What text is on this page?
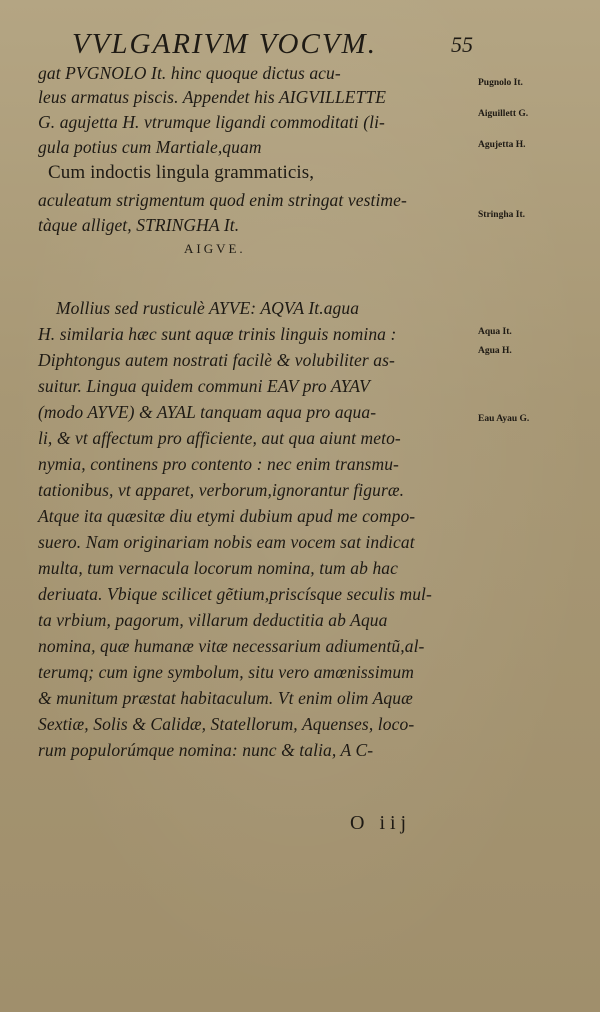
VVLGARIVM VOCVM.	55
gat PVGNOLO It. hinc quoque dictus acu-
leus armatus piscis. Appendet his AIGVILLETTE
G. agujetta H. vtrumque ligandi commoditati (li-
gula potius cum Martiale,quam
Cum indoctis lingula grammaticis,
aculeatum strigmentum quod enim stringat vestime-
tàque alliget, STRINGHA It.
AIGVE.
Mollius sed rusticulè AYVE: AQVA It.agua
H. similaria hæc sunt aquæ trinis linguis nomina :
Diphtongus autem nostrati facilè & volubiliter as-
suitur. Lingua quidem communi EAV pro AYAV
(modo AYVE) & AYAL tanquam aqua pro aqua-
li, & vt affectum pro afficiente, aut qua aiunt meto-
nymia, continens pro contento : nec enim transmu-
tationibus, vt apparet, verborum,ignorantur figuræ.
Atque ita quæsitæ diu etymi dubium apud me compo-
suero. Nam originariam nobis eam vocem sat indicat
multa, tum vernacula locorum nomina, tum ab hac
deriuata. Vbique scilicet gẽtium,priscísque seculis mul-
ta vrbium, pagorum, villarum deductitia ab Aqua
nomina, quæ humanæ vitæ necessarium adiumentũ,al-
terumq; cum igne symbolum, situ vero amœnissimum
& munitum præstat habitaculum. Vt enim olim Aquæ
Sextiæ, Solis & Calidæ, Statellorum, Aquenses, loco-
rum populorúmque nomina: nunc & talia, A C-
Pugnolo It.
Aiguillett G.
Agujetta H.
Stringha It.
Aqua It.
Agua H.
Eau Ayau G.
O iij
